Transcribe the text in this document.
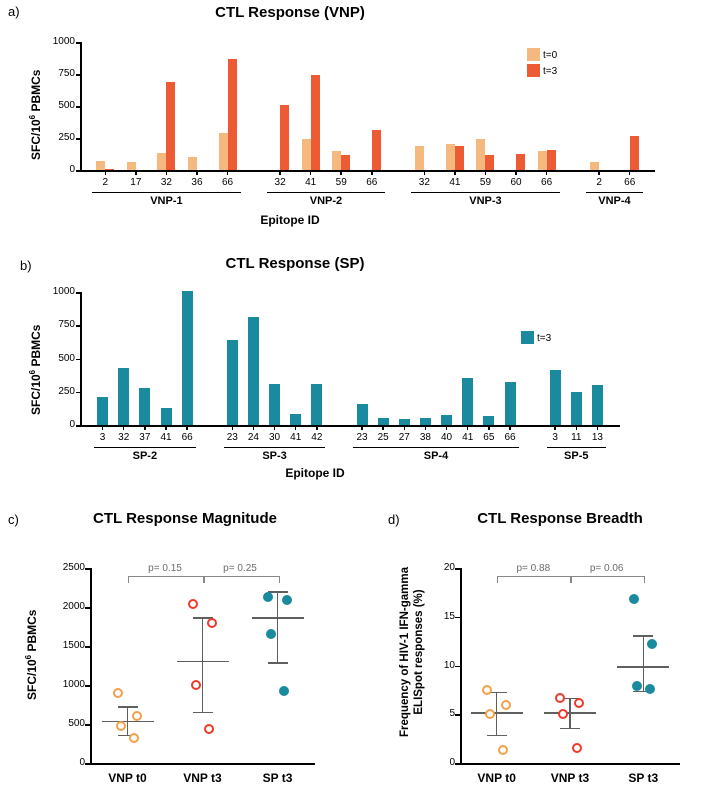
a)	CTL Response (VNP)
SFC/$10^6$ PBMCs
0
250
500
750
1000
2	17	32	36	66
VNP-1
32	41	59	66
VNP-2
32	41	59	60	66
VNP-3
2	66
VNP-4
t=0
t=3
Epitope ID
b)	CTL Response (SP)
SFC/$10^6$ PBMCs
0
250
500
750
1000
3	32	37	41	66
SP-2
23	24	30	41	42
SP-3
23	25	27	38	40	41	65	66
SP-4
3	11	13
SP-5
t=3
Epitope ID
c)	CTL Response Magnitude
SFC/$10^6$ PBMCs
0
500
1000
1500
2000
2500
VNP t0	VNP t3	SP t3
p= 0.15	p= 0.25
d)	CTL Response Breadth
Frequency of HIV-1 IFN-gamma ELISpot responses (%)
0
5
10
15
20
VNP t0	VNP t3	SP t3
p= 0.88	p= 0.06
